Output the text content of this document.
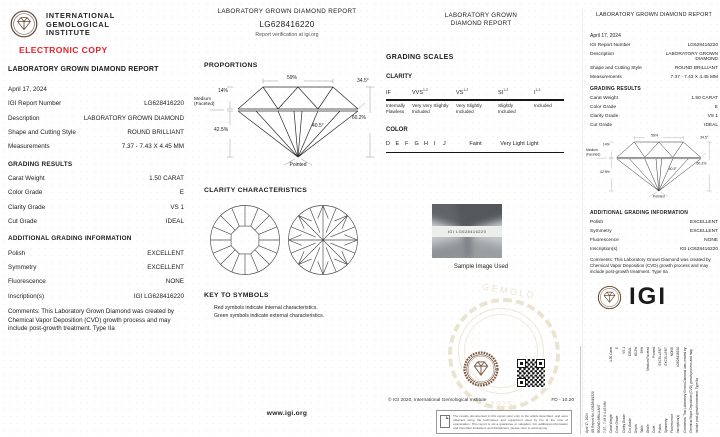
INTERNATIONAL
GEMOLOGICAL
INSTITUTE
ELECTRONIC COPY
LABORATORY GROWN DIAMOND REPORT
April 17, 2024
IGI Report Number	LG628416220
Description	LABORATORY GROWN DIAMOND
Shape and Cutting Style	ROUND BRILLIANT
Measurements	7.37 - 7.43 X 4.45 MM
GRADING RESULTS
Carat Weight	1.50 CARAT
Color Grade	E
Clarity Grade	VS 1
Cut Grade	IDEAL
ADDITIONAL GRADING INFORMATION
Polish	EXCELLENT
Symmetry	EXCELLENT
Fluorescence	NONE
Inscription(s)	IGI LG628416220
Comments: This Laboratory Grown Diamond was created by Chemical Vapor Deposition (CVD) growth process and may include post-growth treatment. Type IIa
LABORATORY GROWN DIAMOND REPORT
LG628416220
Report verification at igi.org
PROPORTIONS
59%	34.5°
14%
Medium
(Faceted)
42.5%
40.5°
60.2%
Pointed
CLARITY CHARACTERISTICS
KEY TO SYMBOLS
Red symbols indicate internal characteristics.
Green symbols indicate external characteristics.
www.igi.org
GEMOLO
1925
LABORATORY GROWN
DIAMOND REPORT
GRADING SCALES
CLARITY
IF	VVS$^{1-2}$	VS$^{1-2}$	SI$^{1-2}$	$I^{1-3}$
Internally Flawless
Very Very Slightly Included
Very Slightly Included
Slightly Included
Included
COLOR
D	E	F	G H	I	J	Faint	Very Light Light
IGI LG628416220
Sample Image Used
© IGI 2020, International Gemological Institute	FD - 10.20
The results documented in this report refer only to the article described, and were obtained using the techniques and equipment used by IGI at the time of examination. This report is not a guarantee or valuation. For additional information and important limitations and disclaimers, please refer to www.igi.org.
LABORATORY GROWN DIAMOND REPORT
April 17, 2024
IGI Report Number	LG628416220
Description	LABORATORY GROWN DIAMOND
Shape and Cutting Style	ROUND BRILLIANT
Measurements	7.37 - 7.43 X 4.45 MM
GRADING RESULTS
Carat Weight	1.50 CARAT
Color Grade	E
Clarity Grade	VS 1
Cut Grade	IDEAL
59%	34.5°
14%
Medium
(Faceted)
42.5%
40.5°
60.2%
Pointed
ADDITIONAL GRADING INFORMATION
Polish	EXCELLENT
Symmetry	EXCELLENT
Fluorescence	NONE
Inscription(s)	IGI LG628416220
Comments: This Laboratory Grown Diamond was created by Chemical Vapor Deposition (CVD) growth process and may include post-growth treatment. Type IIa
IGI
April 17, 2024 IGI Report No. LG628416220 ROUND BRILLIANT 7.37 - 7.43 X 4.45 MM Carat Weight
1.50 Carat
Color Grade
E
Clarity Grade
VS 1
Cut Grade
IDEAL
Depth
60.2%
Table
59%
Girdle
Medium Faceted
Culet
Pointed
Polish
EXCELLENT
Symmetry
EXCELLENT
Fluorescence
NONE
Inscription(s)
LG628416220 Comments: This Laboratory Grown Diamond was created by Chemical Vapor Deposition (CVD) growth process and may include post-growth treatment. Type IIa
